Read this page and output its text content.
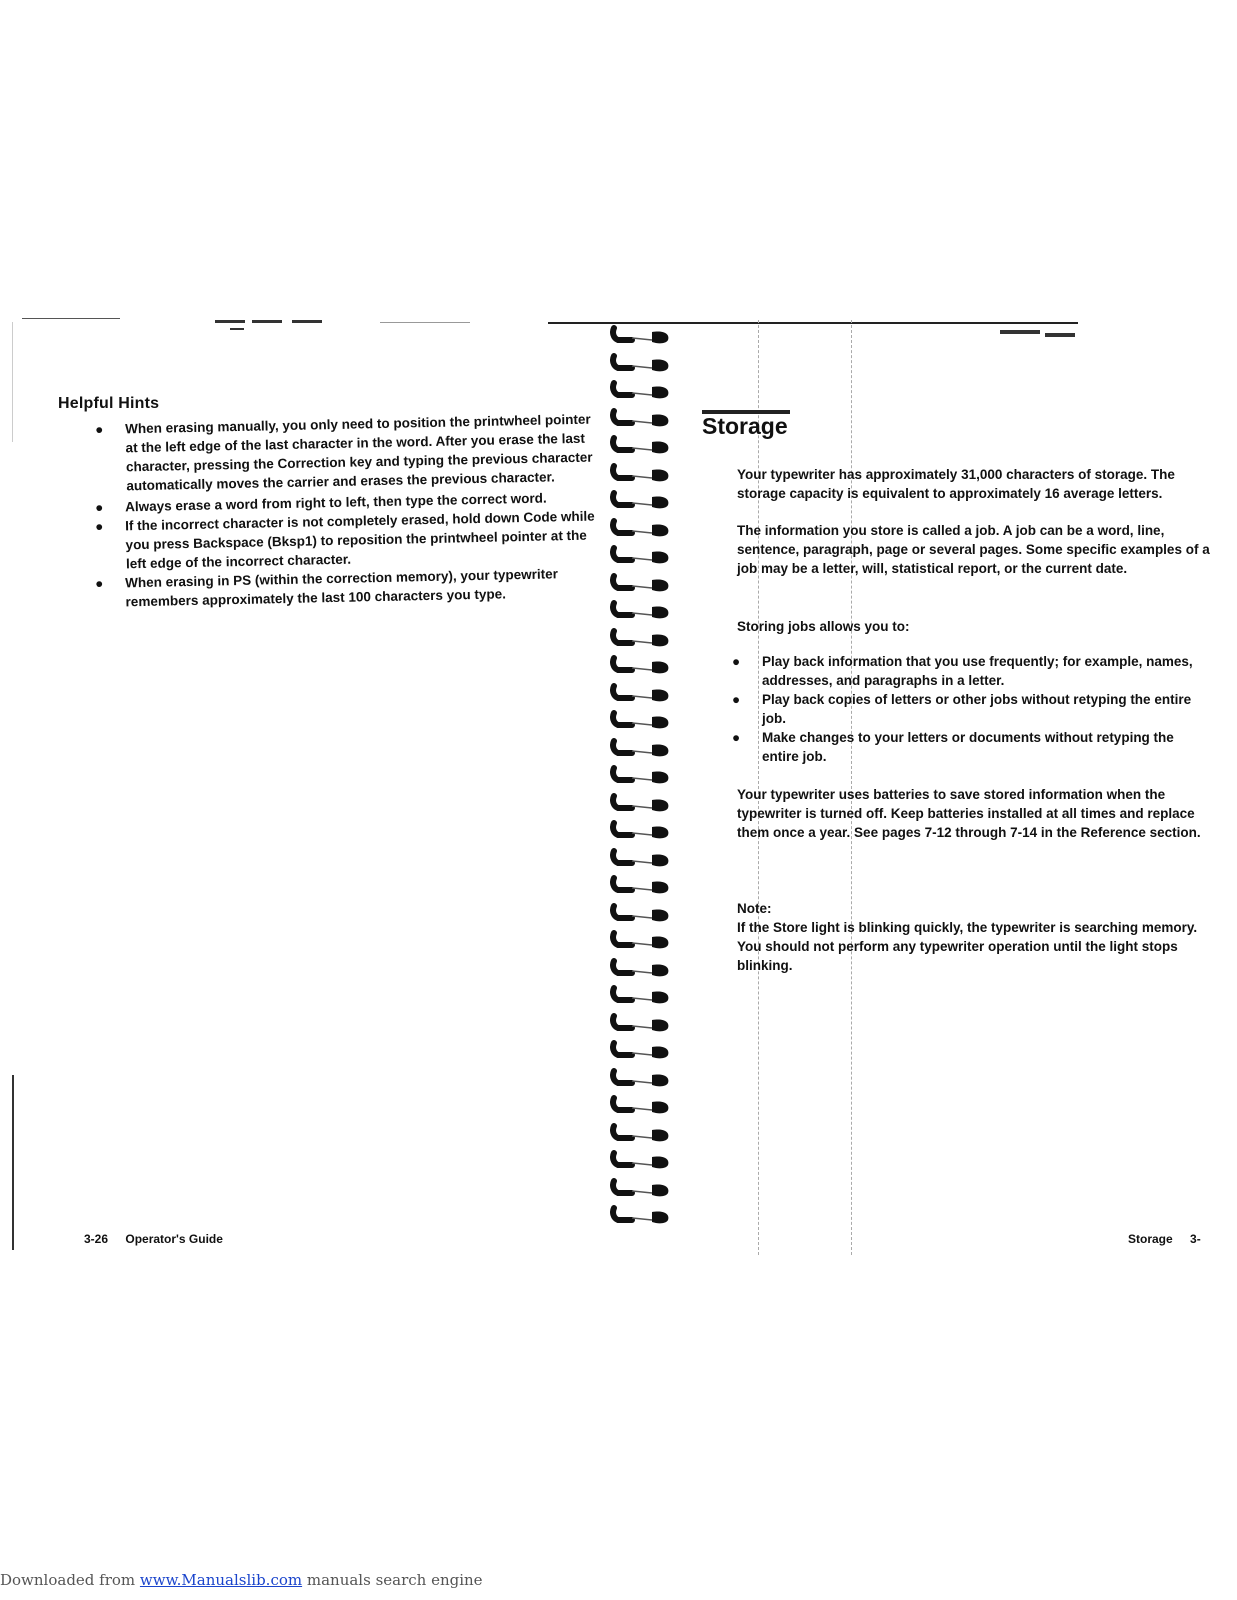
Helpful Hints
● When erasing manually, you only need to position the printwheel pointer at the left edge of the last character in the word. After you erase the last character, pressing the Correction key and typing the previous character automatically moves the carrier and erases the previous character.
● Always erase a word from right to left, then type the correct word.
● If the incorrect character is not completely erased, hold down Code while you press Backspace (Bksp1) to reposition the printwheel pointer at the left edge of the incorrect character.
● When erasing in PS (within the correction memory), your typewriter remembers approximately the last 100 characters you type.
3-26 Operator's Guide
Storage

Your typewriter has approximately 31,000 characters of storage. The storage capacity is equivalent to approximately 16 average letters.

The information you store is called a job. A job can be a word, line, sentence, paragraph, page or several pages. Some specific examples of a job may be a letter, will, statistical report, or the current date.

Storing jobs allows you to:

● Play back information that you use frequently; for example, names, addresses, and paragraphs in a letter.
● Play back copies of letters or other jobs without retyping the entire job.
● Make changes to your letters or documents without retyping the entire job.

Your typewriter uses batteries to save stored information when the typewriter is turned off. Keep batteries installed at all times and replace them once a year. See pages 7-12 through 7-14 in the Reference section.

Note:
If the Store light is blinking quickly, the typewriter is searching memory. You should not perform any typewriter operation until the light stops blinking.

Storage 3-
Downloaded from www.Manualslib.com manuals search engine
